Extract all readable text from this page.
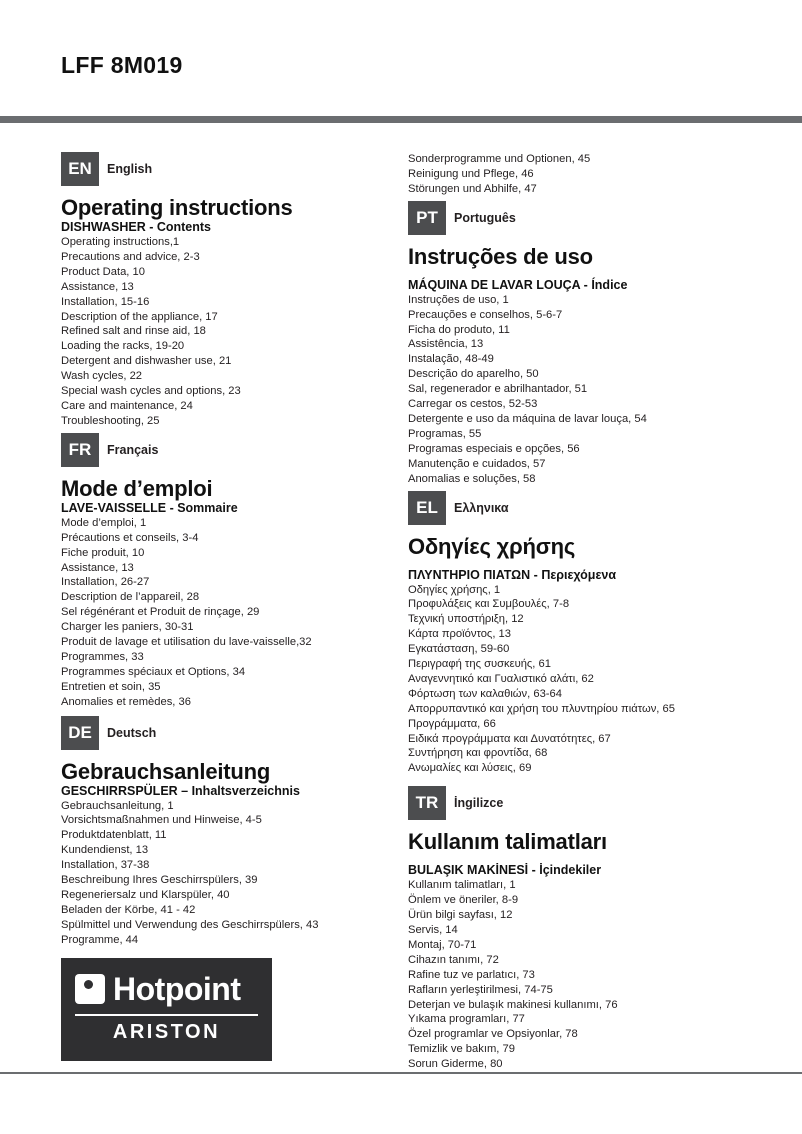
LFF 8M019
EN	English
Operating instructions
DISHWASHER - Contents
Operating instructions,1
Precautions and advice, 2-3
Product Data, 10
Assistance, 13
Installation, 15-16
Description of the appliance, 17
Refined salt and rinse aid, 18
Loading the racks, 19-20
Detergent and dishwasher use, 21
Wash cycles, 22
Special wash cycles and options, 23
Care and maintenance, 24
Troubleshooting, 25
FR	Français
Mode d’emploi
LAVE-VAISSELLE - Sommaire
Mode d’emploi, 1
Précautions et conseils, 3-4
Fiche produit, 10
Assistance, 13
Installation, 26-27
Description de l’appareil, 28
Sel régénérant et Produit de rinçage, 29
Charger les paniers, 30-31
Produit de lavage et utilisation du lave-vaisselle,32
Programmes, 33
Programmes spéciaux et Options, 34
Entretien et soin, 35
Anomalies et remèdes, 36
DE	Deutsch
Gebrauchsanleitung
GESCHIRRSPÜLER – Inhaltsverzeichnis
Gebrauchsanleitung, 1
Vorsichtsmaßnahmen und Hinweise, 4-5
Produktdatenblatt, 11
Kundendienst, 13
Installation, 37-38
Beschreibung Ihres Geschirrspülers, 39
Regeneriersalz und Klarspüler, 40
Beladen der Körbe, 41 - 42
Spülmittel und Verwendung des Geschirrspülers, 43
Programme, 44
Sonderprogramme und Optionen, 45
Reinigung und Pflege, 46
Störungen und Abhilfe, 47
PT	Português
Instruções de uso
MÁQUINA DE LAVAR LOUÇA - Índice
Instruções de uso, 1
Precauções e conselhos, 5-6-7
Ficha do produto, 11
Assistência, 13
Instalação, 48-49
Descrição do aparelho, 50
Sal, regenerador e abrilhantador, 51
Carregar os cestos, 52-53
Detergente e uso da máquina de lavar louça, 54
Programas, 55
Programas especiais e opções, 56
Manutenção e cuidados, 57
Anomalias e soluções, 58
EL	Ελληνικα
Οδηγίες χρήσης
ΠΛΥΝΤΗΡΙΟ ΠΙΑΤΩΝ - Περιεχόμενα
Οδηγίες χρήσης, 1
Προφυλάξεις και Συμβουλές, 7-8
Τεχνική υποστήριξη, 12
Κάρτα προϊόντος, 13
Εγκατάσταση, 59-60
Περιγραφή της συσκευής, 61
Αναγεννητικό και Γυαλιστικό αλάτι, 62
Φόρτωση των καλαθιών, 63-64
Απορρυπαντικό και χρήση του πλυντηρίου πιάτων, 65
Προγράμματα, 66
Ειδικά προγράμματα και Δυνατότητες, 67
Συντήρηση και φροντίδα, 68
Ανωμαλίες και λύσεις, 69
TR	İngilizce
Kullanım talimatları
BULAŞIK MAKİNESİ - İçindekiler
Kullanım talimatları, 1
Önlem ve öneriler, 8-9
Ürün bilgi sayfası, 12
Servis, 14
Montaj, 70-71
Cihazın tanımı, 72
Rafine tuz ve parlatıcı, 73
Rafların yerleştirilmesi, 74-75
Deterjan ve bulaşık makinesi kullanımı, 76
Yıkama programları, 77
Özel programlar ve Opsiyonlar, 78
Temizlik ve bakım, 79
Sorun Giderme, 80
Hotpoint
ARISTON
